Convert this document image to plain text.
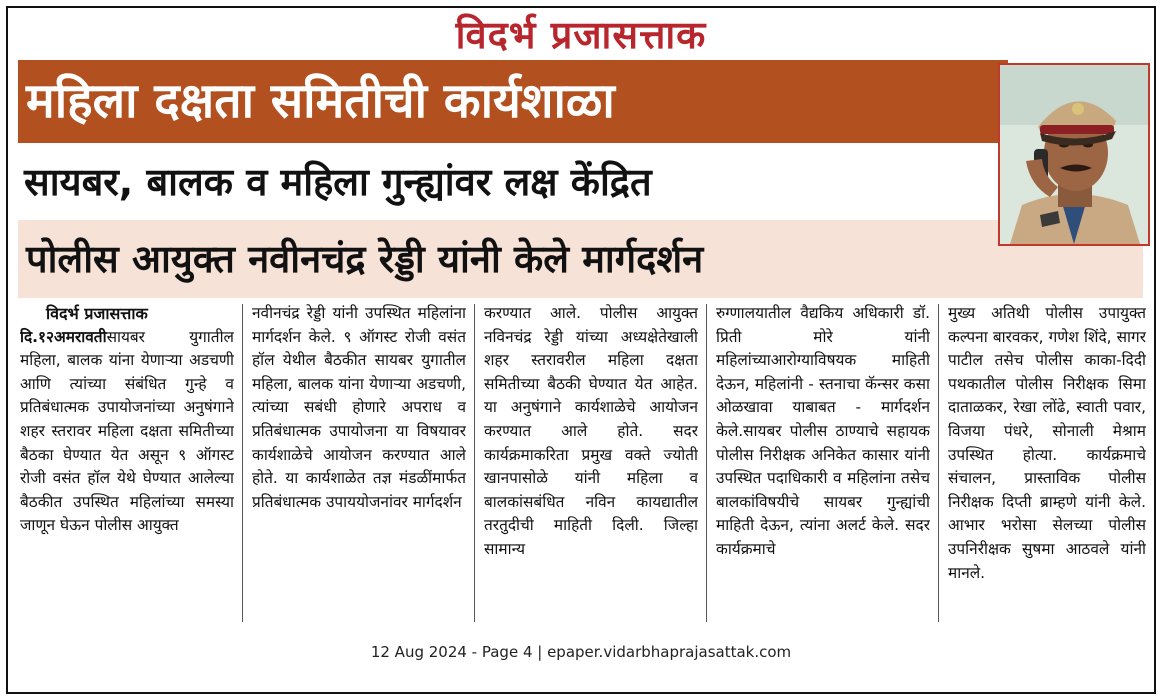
विदर्भ प्रजासत्ताक
महिला दक्षता समितीची कार्यशाळा
सायबर, बालक व महिला गुन्ह्यांवर लक्ष केंद्रित
पोलीस आयुक्त नवीनचंद्र रेड्डी यांनी केले मार्गदर्शन
विदर्भ प्रजासत्ताक

दि.१२अमरावतीसायबर युगातील महिला, बालक यांना येणाऱ्या अडचणी आणि त्यांच्या संबंधित गुन्हे व प्रतिबंधात्मक उपायोजनांच्या अनुषंगाने शहर स्तरावर महिला दक्षता समितीच्या बैठका घेण्यात येत असून ९ ऑगस्ट रोजी वसंत हॉल येथे घेण्यात आलेल्या बैठकीत उपस्थित महिलांच्या समस्या जाणून घेऊन पोलीस आयुक्त

नवीनचंद्र रेड्डी यांनी उपस्थित महिलांना मार्गदर्शन केले. ९ ऑगस्ट रोजी वसंत हॉल येथील बैठकीत सायबर युगातील महिला, बालक यांना येणाऱ्या अडचणी, त्यांच्या सबंधी होणारे अपराध व प्रतिबंधात्मक उपायोजना या विषयावर कार्यशाळेचे आयोजन करण्यात आले होते. या कार्यशाळेत तज्ञ मंडळींमार्फत प्रतिबंधात्मक उपाययोजनांवर मार्गदर्शन

करण्यात आले. पोलीस आयुक्त नविनचंद्र रेड्डी यांच्या अध्यक्षेतेखाली शहर स्तरावरील महिला दक्षता समितीच्या बैठकी घेण्यात येत आहेत. या अनुषंगाने कार्यशाळेचे आयोजन करण्यात आले होते. सदर कार्यक्रमाकरिता प्रमुख वक्ते ज्योती खानपासोळे यांनी महिला व बालकांसबंधित नविन कायद्यातील तरतुदीची माहिती दिली. जिल्हा सामान्य

रुग्णालयातील वैद्यकिय अधिकारी डॉ. प्रिती मोरे यांनी महिलांच्याआरोग्याविषयक माहिती देऊन, महिलांनी - स्तनाचा कॅन्सर कसा ओळखावा याबाबत - मार्गदर्शन केले.सायबर पोलीस ठाण्याचे सहायक पोलीस निरीक्षक अनिकेत कासार यांनी उपस्थित पदाधिकारी व महिलांना तसेच बालकांविषयीचे सायबर गुन्ह्यांची माहिती देऊन, त्यांना अलर्ट केले. सदर कार्यक्रमाचे

मुख्य अतिथी पोलीस उपायुक्त कल्पना बारवकर, गणेश शिंदे, सागर पाटील तसेच पोलीस काका-दिदी पथकातील पोलीस निरीक्षक सिमा दाताळकर, रेखा लोंढे, स्वाती पवार, विजया पंधरे, सोनाली मेश्राम उपस्थित होत्या. कार्यक्रमाचे संचालन, प्रास्ताविक पोलीस निरीक्षक दिप्ती ब्राम्हणे यांनी केले. आभार भरोसा सेलच्या पोलीस उपनिरीक्षक सुषमा आठवले यांनी मानले.

12 Aug 2024 - Page 4 | epaper.vidarbhaprajasattak.com
